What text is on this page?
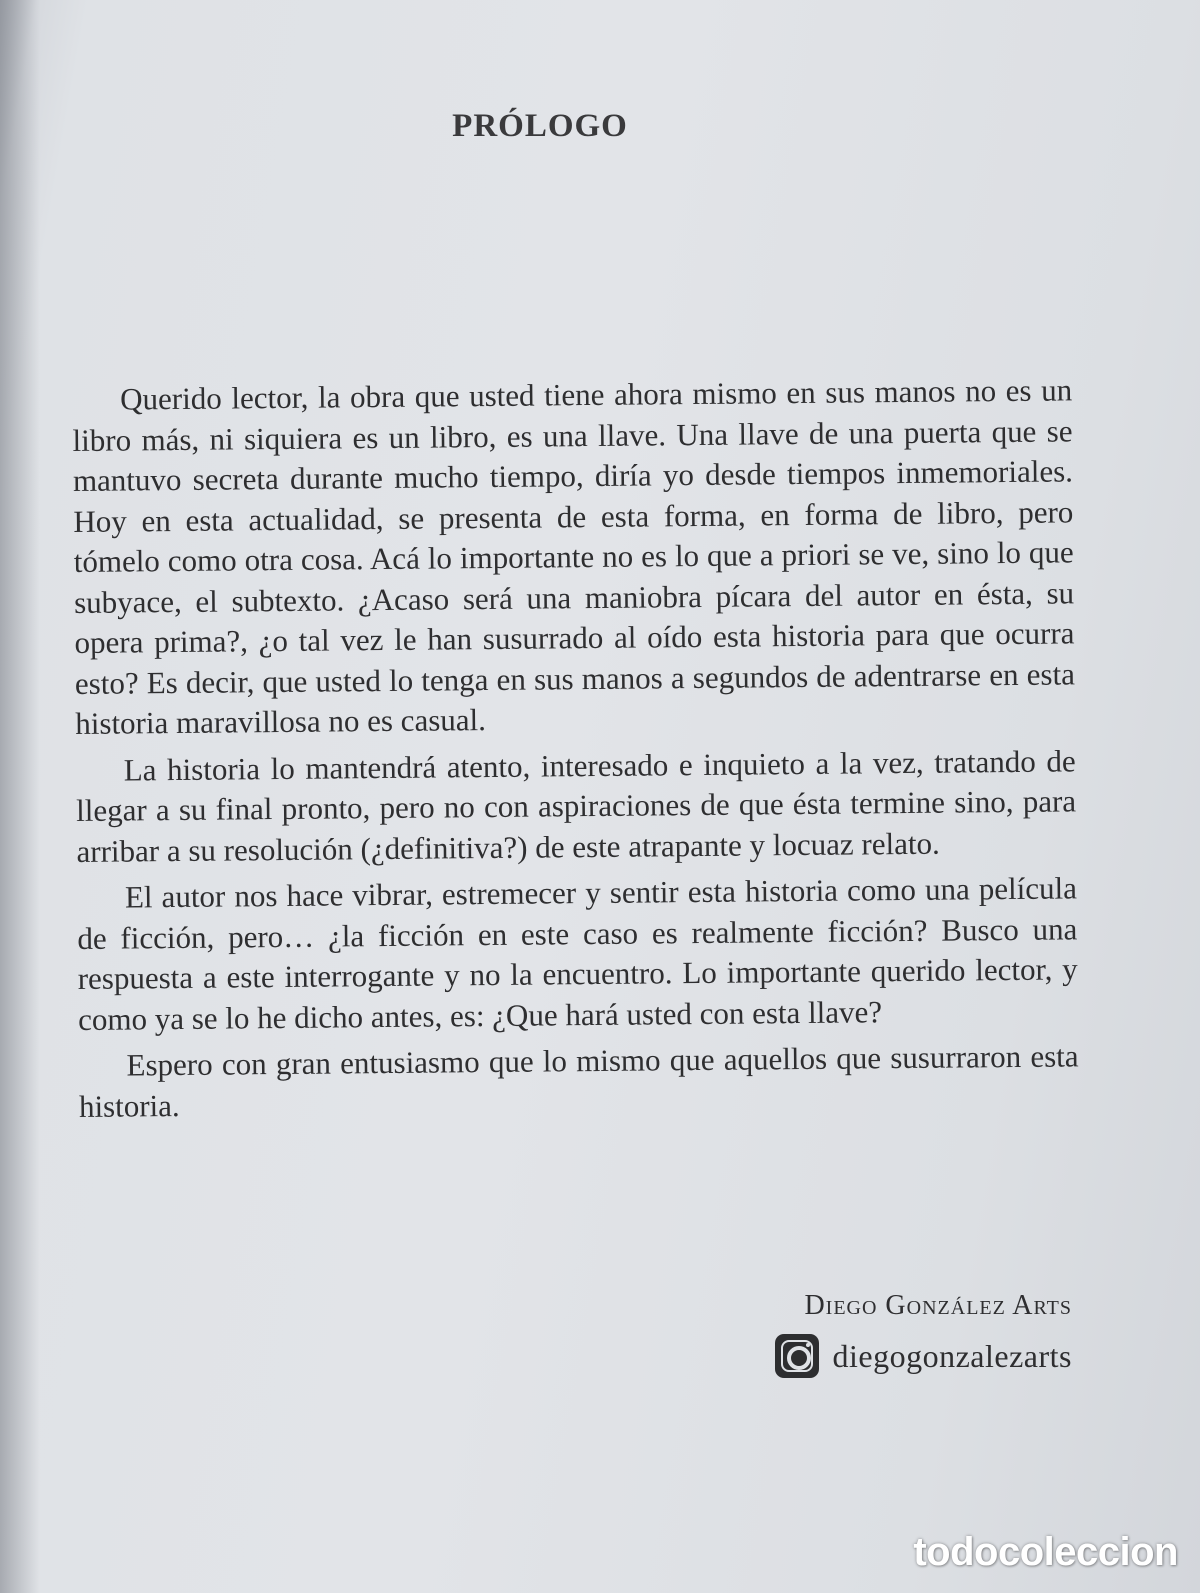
PRÓLOGO

Querido lector, la obra que usted tiene ahora mismo en sus manos no es un libro más, ni siquiera es un libro, es una llave. Una llave de una puerta que se mantuvo secreta durante mucho tiempo, diría yo desde tiempos inmemoriales. Hoy en esta actualidad, se presenta de esta forma, en forma de libro, pero tómelo como otra cosa. Acá lo importante no es lo que a priori se ve, sino lo que subyace, el subtexto. ¿Acaso será una maniobra pícara del autor en ésta, su opera prima?, ¿o tal vez le han susurrado al oído esta historia para que ocurra esto? Es decir, que usted lo tenga en sus manos a segundos de adentrarse en esta historia maravillosa no es casual.

La historia lo mantendrá atento, interesado e inquieto a la vez, tratando de llegar a su final pronto, pero no con aspiraciones de que ésta termine sino, para arribar a su resolución (¿definitiva?) de este atrapante y locuaz relato.

El autor nos hace vibrar, estremecer y sentir esta historia como una película de ficción, pero… ¿la ficción en este caso es realmente ficción? Busco una respuesta a este interrogante y no la encuentro. Lo importante querido lector, y como ya se lo he dicho antes, es: ¿Que hará usted con esta llave?

Espero con gran entusiasmo que lo mismo que aquellos que susurraron esta historia.

Diego González Arts
diegogonzalezarts
todocoleccion
